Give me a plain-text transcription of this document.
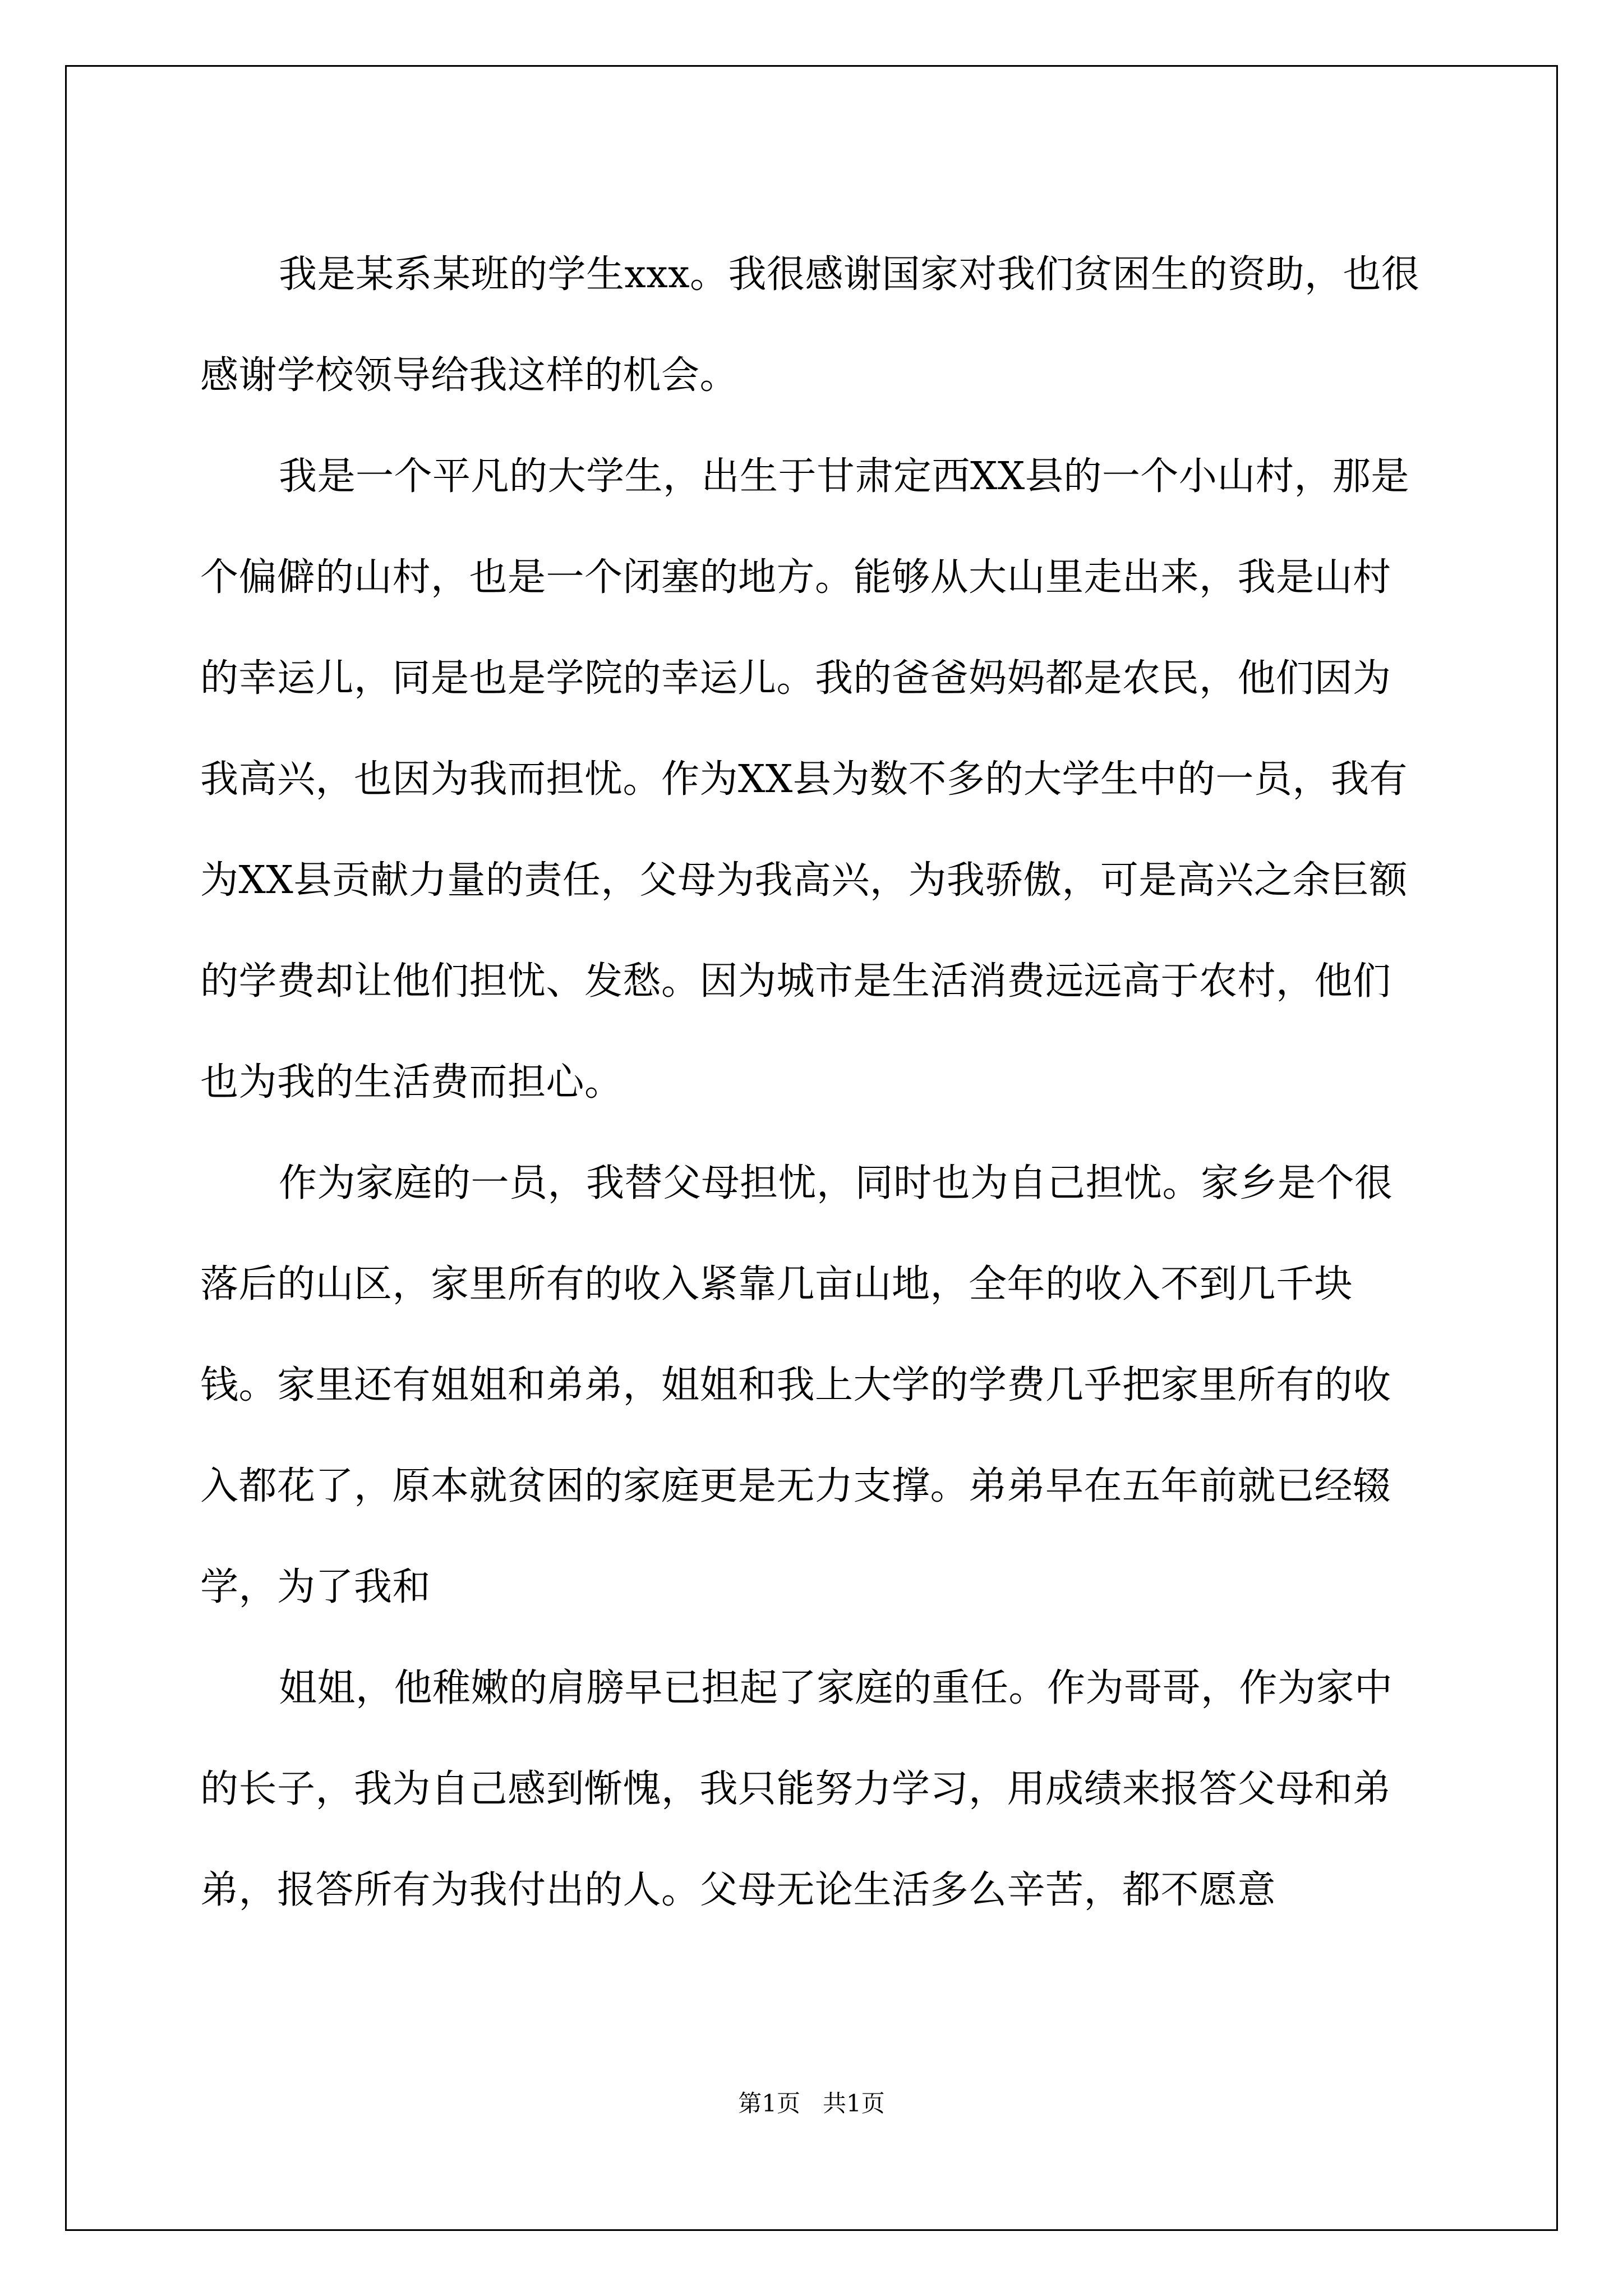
我是某系某班的学生xxx。我很感谢国家对我们贫困生的资助，也很感谢学校领导给我这样的机会。

我是一个平凡的大学生，出生于甘肃定西XX县的一个小山村，那是个偏僻的山村，也是一个闭塞的地方。能够从大山里走出来，我是山村的幸运儿，同是也是学院的幸运儿。我的爸爸妈妈都是农民，他们因为我高兴，也因为我而担忧。作为XX县为数不多的大学生中的一员，我有为XX县贡献力量的责任，父母为我高兴，为我骄傲，可是高兴之余巨额的学费却让他们担忧、发愁。因为城市是生活消费远远高于农村，他们也为我的生活费而担心。

作为家庭的一员，我替父母担忧，同时也为自己担忧。家乡是个很落后的山区，家里所有的收入紧靠几亩山地，全年的收入不到几千块钱。家里还有姐姐和弟弟，姐姐和我上大学的学费几乎把家里所有的收入都花了，原本就贫困的家庭更是无力支撑。弟弟早在五年前就已经辍学，为了我和

姐姐，他稚嫩的肩膀早已担起了家庭的重任。作为哥哥，作为家中的长子，我为自己感到惭愧，我只能努力学习，用成绩来报答父母和弟弟，报答所有为我付出的人。父母无论生活多么辛苦，都不愿意

第1页 共1页
